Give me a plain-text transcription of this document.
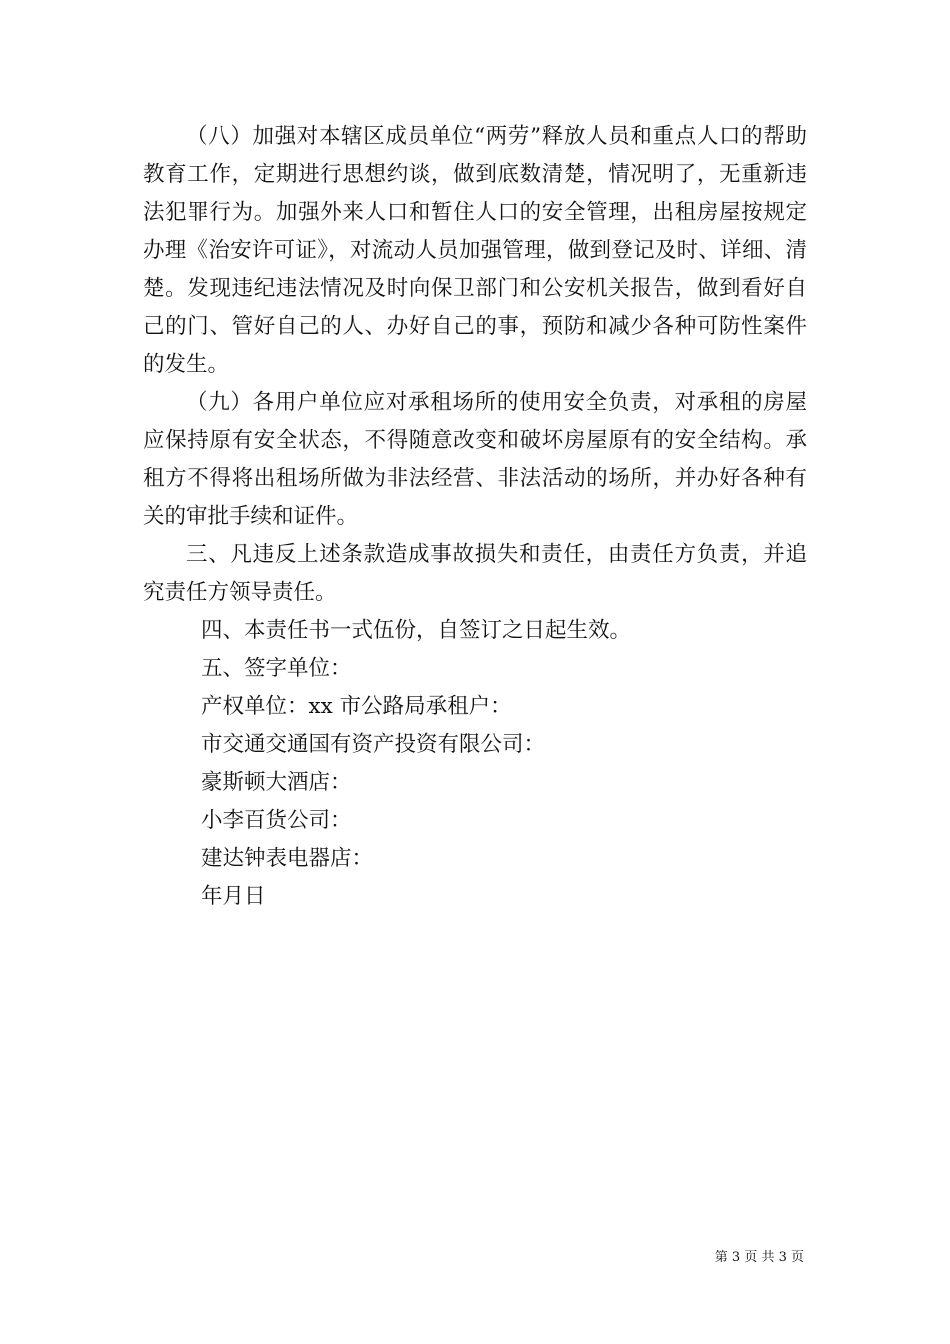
（八）加强对本辖区成员单位“两劳”释放人员和重点人口的帮助教育工作，定期进行思想约谈，做到底数清楚，情况明了，无重新违法犯罪行为。加强外来人口和暂住人口的安全管理，出租房屋按规定办理《治安许可证》，对流动人员加强管理，做到登记及时、详细、清楚。发现违纪违法情况及时向保卫部门和公安机关报告，做到看好自己的门、管好自己的人、办好自己的事，预防和减少各种可防性案件的发生。

（九）各用户单位应对承租场所的使用安全负责，对承租的房屋应保持原有安全状态，不得随意改变和破坏房屋原有的安全结构。承租方不得将出租场所做为非法经营、非法活动的场所，并办好各种有关的审批手续和证件。

三、凡违反上述条款造成事故损失和责任，由责任方负责，并追究责任方领导责任。

四、本责任书一式伍份，自签订之日起生效。

五、签字单位：

产权单位：xx 市公路局承租户：

市交通交通国有资产投资有限公司：

豪斯顿大酒店：

小李百货公司：

建达钟表电器店：

年月日

第 3 页 共 3 页
